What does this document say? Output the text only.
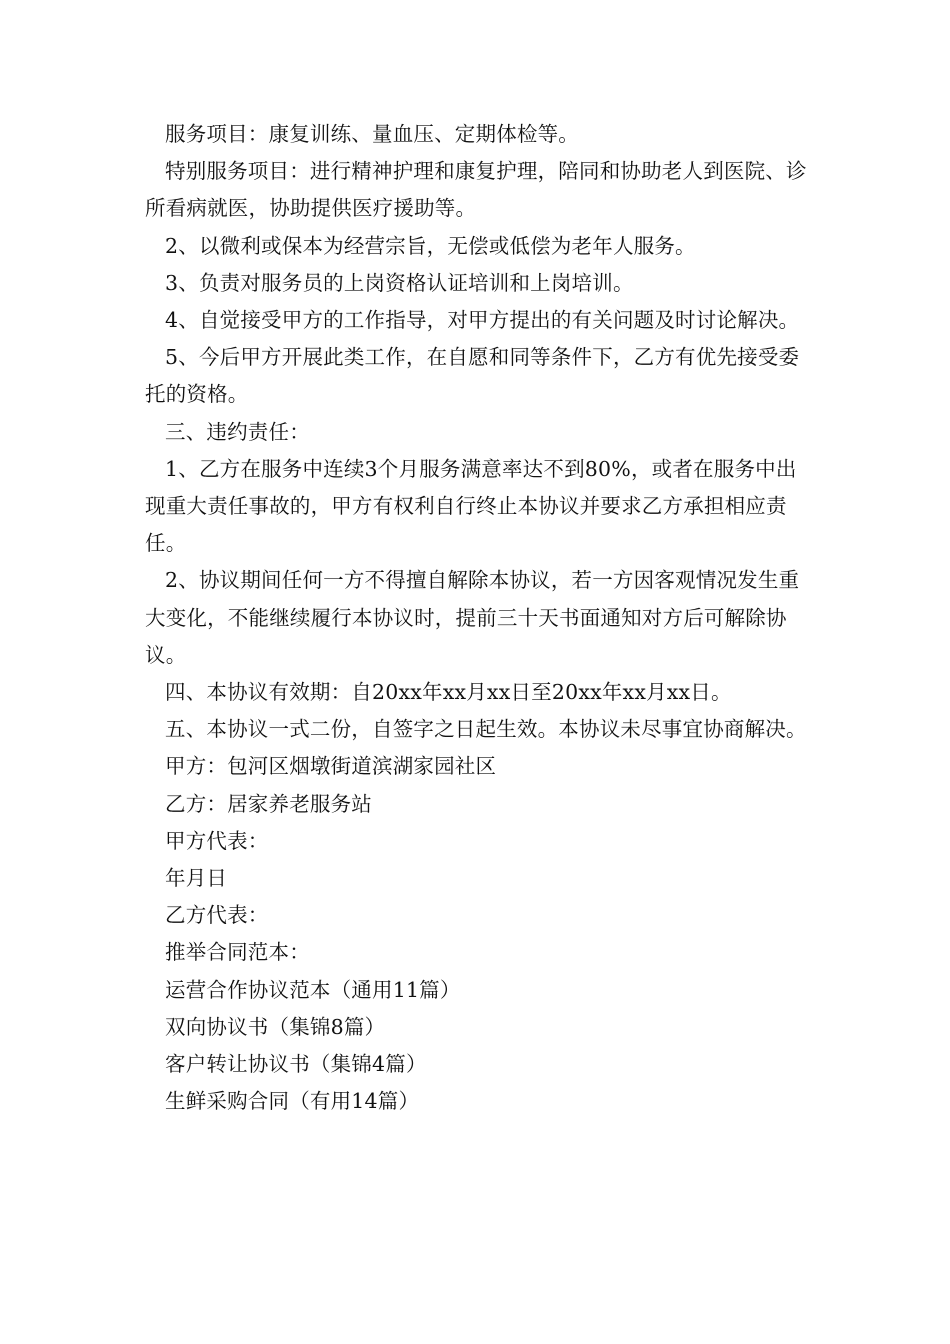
服务项目：康复训练、量血压、定期体检等。

特别服务项目：进行精神护理和康复护理，陪同和协助老人到医院、诊所看病就医，协助提供医疗援助等。

2、以微利或保本为经营宗旨，无偿或低偿为老年人服务。

3、负责对服务员的上岗资格认证培训和上岗培训。

4、自觉接受甲方的工作指导，对甲方提出的有关问题及时讨论解决。

5、今后甲方开展此类工作，在自愿和同等条件下，乙方有优先接受委托的资格。

三、违约责任：

1、乙方在服务中连续3个月服务满意率达不到80%，或者在服务中出现重大责任事故的，甲方有权利自行终止本协议并要求乙方承担相应责任。

2、协议期间任何一方不得擅自解除本协议，若一方因客观情况发生重大变化，不能继续履行本协议时，提前三十天书面通知对方后可解除协议。

四、本协议有效期：自20xx年xx月xx日至20xx年xx月xx日。

五、本协议一式二份，自签字之日起生效。本协议未尽事宜协商解决。

甲方：包河区烟墩街道滨湖家园社区

乙方：居家养老服务站

甲方代表：

年月日

乙方代表：

推举合同范本：

运营合作协议范本（通用11篇）

双向协议书（集锦8篇）

客户转让协议书（集锦4篇）

生鲜采购合同（有用14篇）
